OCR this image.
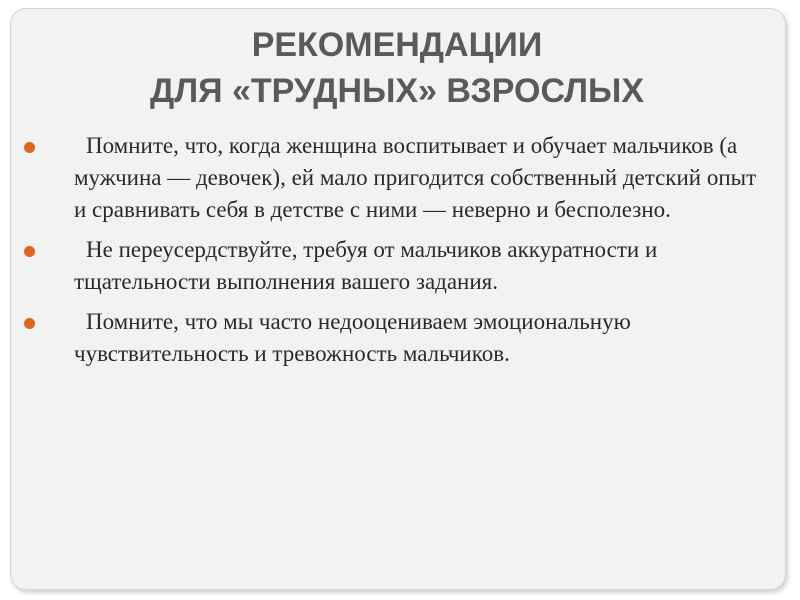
РЕКОМЕНДАЦИИ
ДЛЯ «ТРУДНЫХ» ВЗРОСЛЫХ
Помните, что, когда женщина воспитывает и обучает мальчиков (а мужчина — девочек), ей мало пригодится собственный детский опыт и сравнивать себя в детстве с ними — неверно и бесполезно.
Не переусердствуйте, требуя от мальчиков аккуратности и тщательности выполнения вашего задания.
Помните, что мы часто недооцениваем эмоциональную чувствительность и тревожность мальчиков.
